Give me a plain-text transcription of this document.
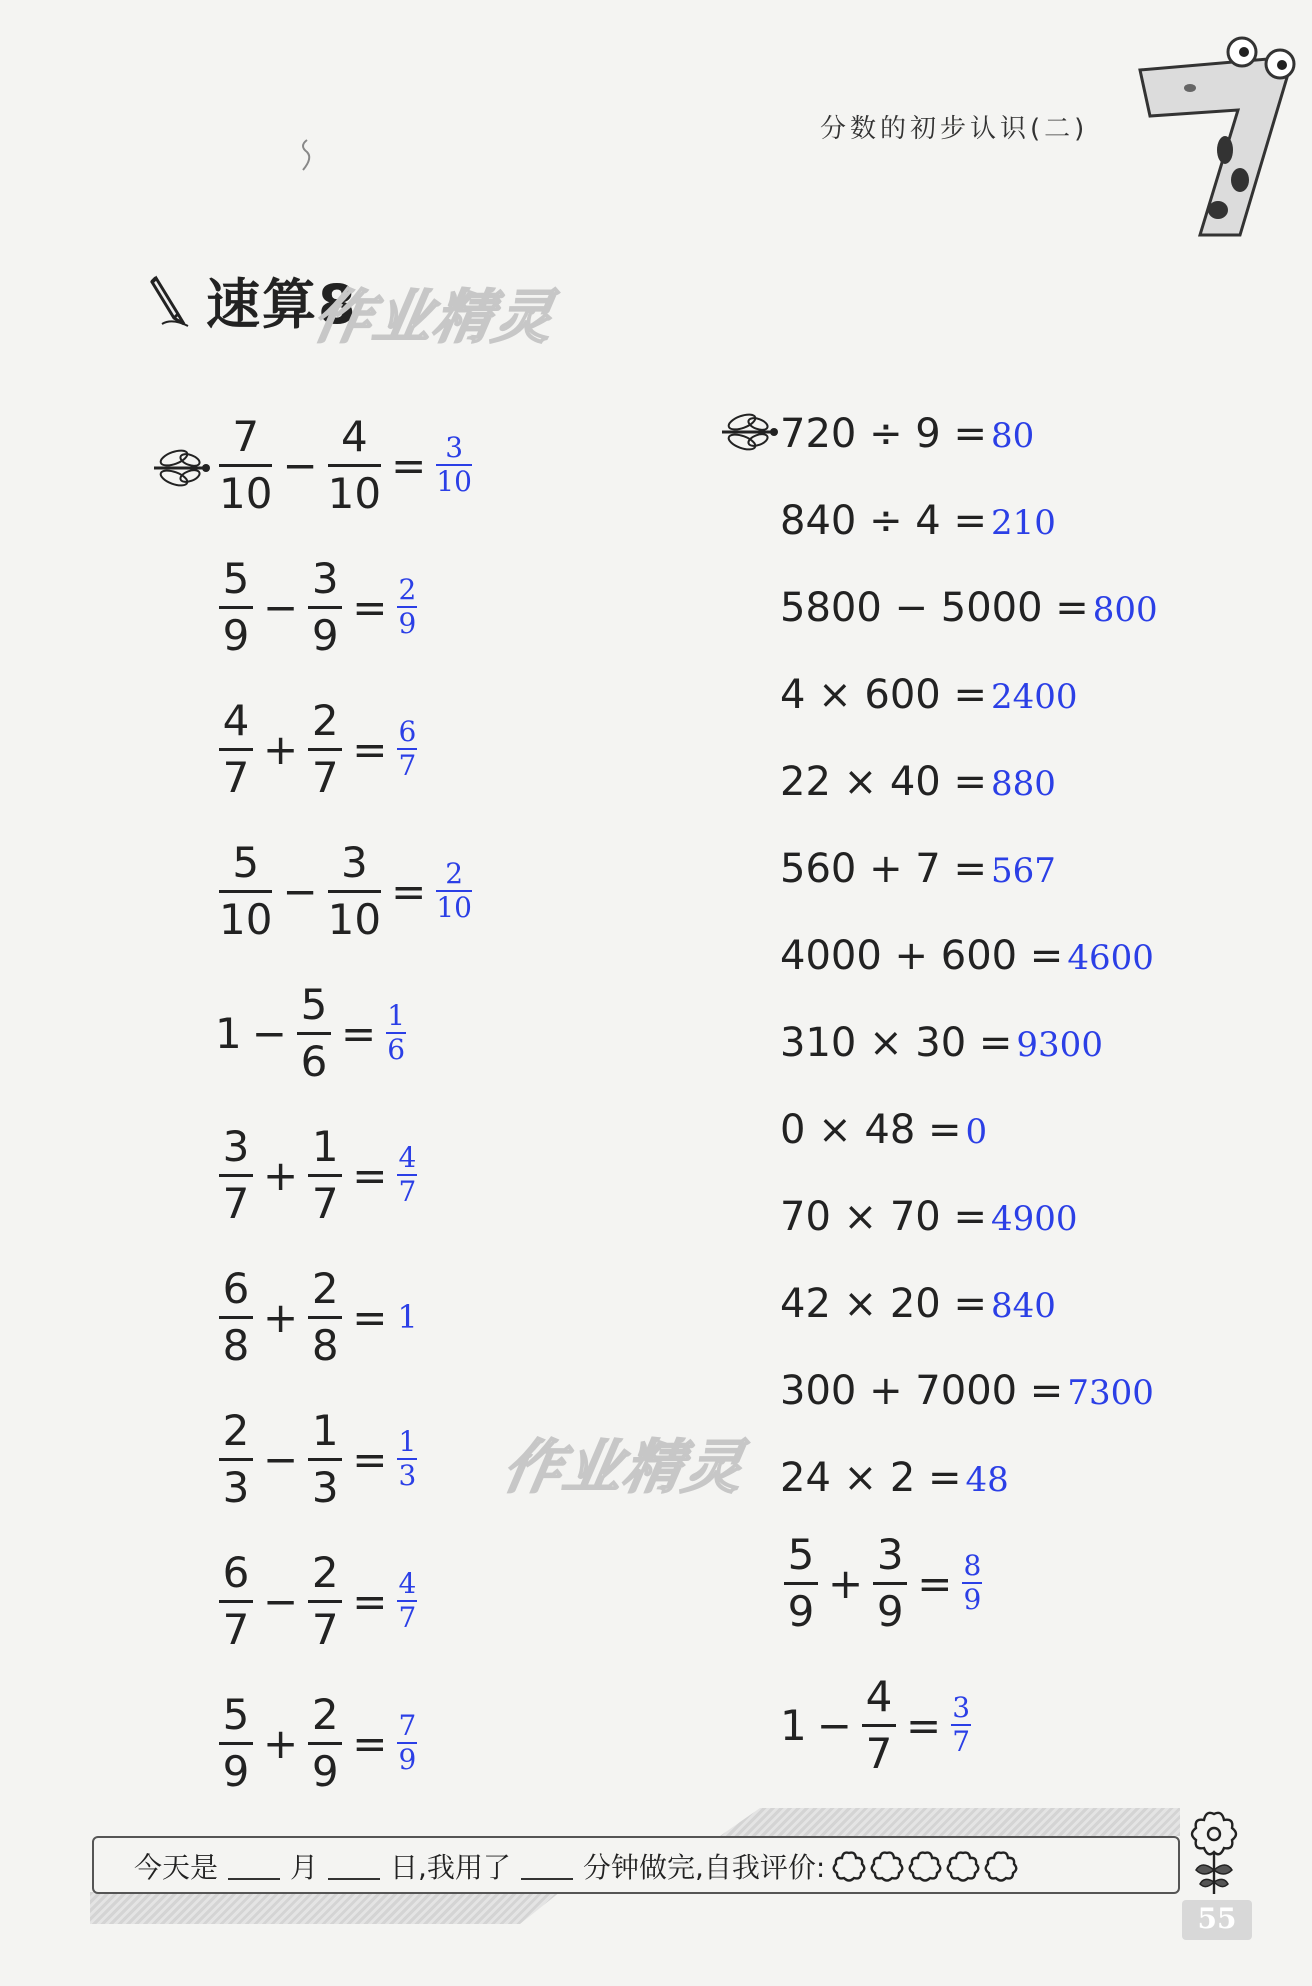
分数的初步认识(二)
速算8
作业精灵
作业精灵
$\frac{7}{10} - \frac{4}{10} = \frac{3}{10}$
$\frac{5}{9} - \frac{3}{9} = \frac{2}{9}$
$\frac{4}{7} + \frac{2}{7} = \frac{6}{7}$
$\frac{5}{10} - \frac{3}{10} = \frac{2}{10}$
$1 - \frac{5}{6} = \frac{1}{6}$
$\frac{3}{7} + \frac{1}{7} = \frac{4}{7}$
$\frac{6}{8} + \frac{2}{8} = 1$
$\frac{2}{3} - \frac{1}{3} = \frac{1}{3}$
$\frac{6}{7} - \frac{2}{7} = \frac{4}{7}$
$\frac{5}{9} + \frac{2}{9} = \frac{7}{9}$
720 ÷ 9 = 80
840 ÷ 4 = 210
5800 − 5000 = 800
4 × 600 = 2400
22 × 40 = 880
560 + 7 = 567
4000 + 600 = 4600
310 × 30 = 9300
0 × 48 = 0
70 × 70 = 4900
42 × 20 = 840
300 + 7000 = 7300
24 × 2 = 48
$\frac{5}{9} + \frac{3}{9} = \frac{8}{9}$
$1 - \frac{4}{7} = \frac{3}{7}$
今天是	月	日,我用了	分钟做完,自我评价:
55
